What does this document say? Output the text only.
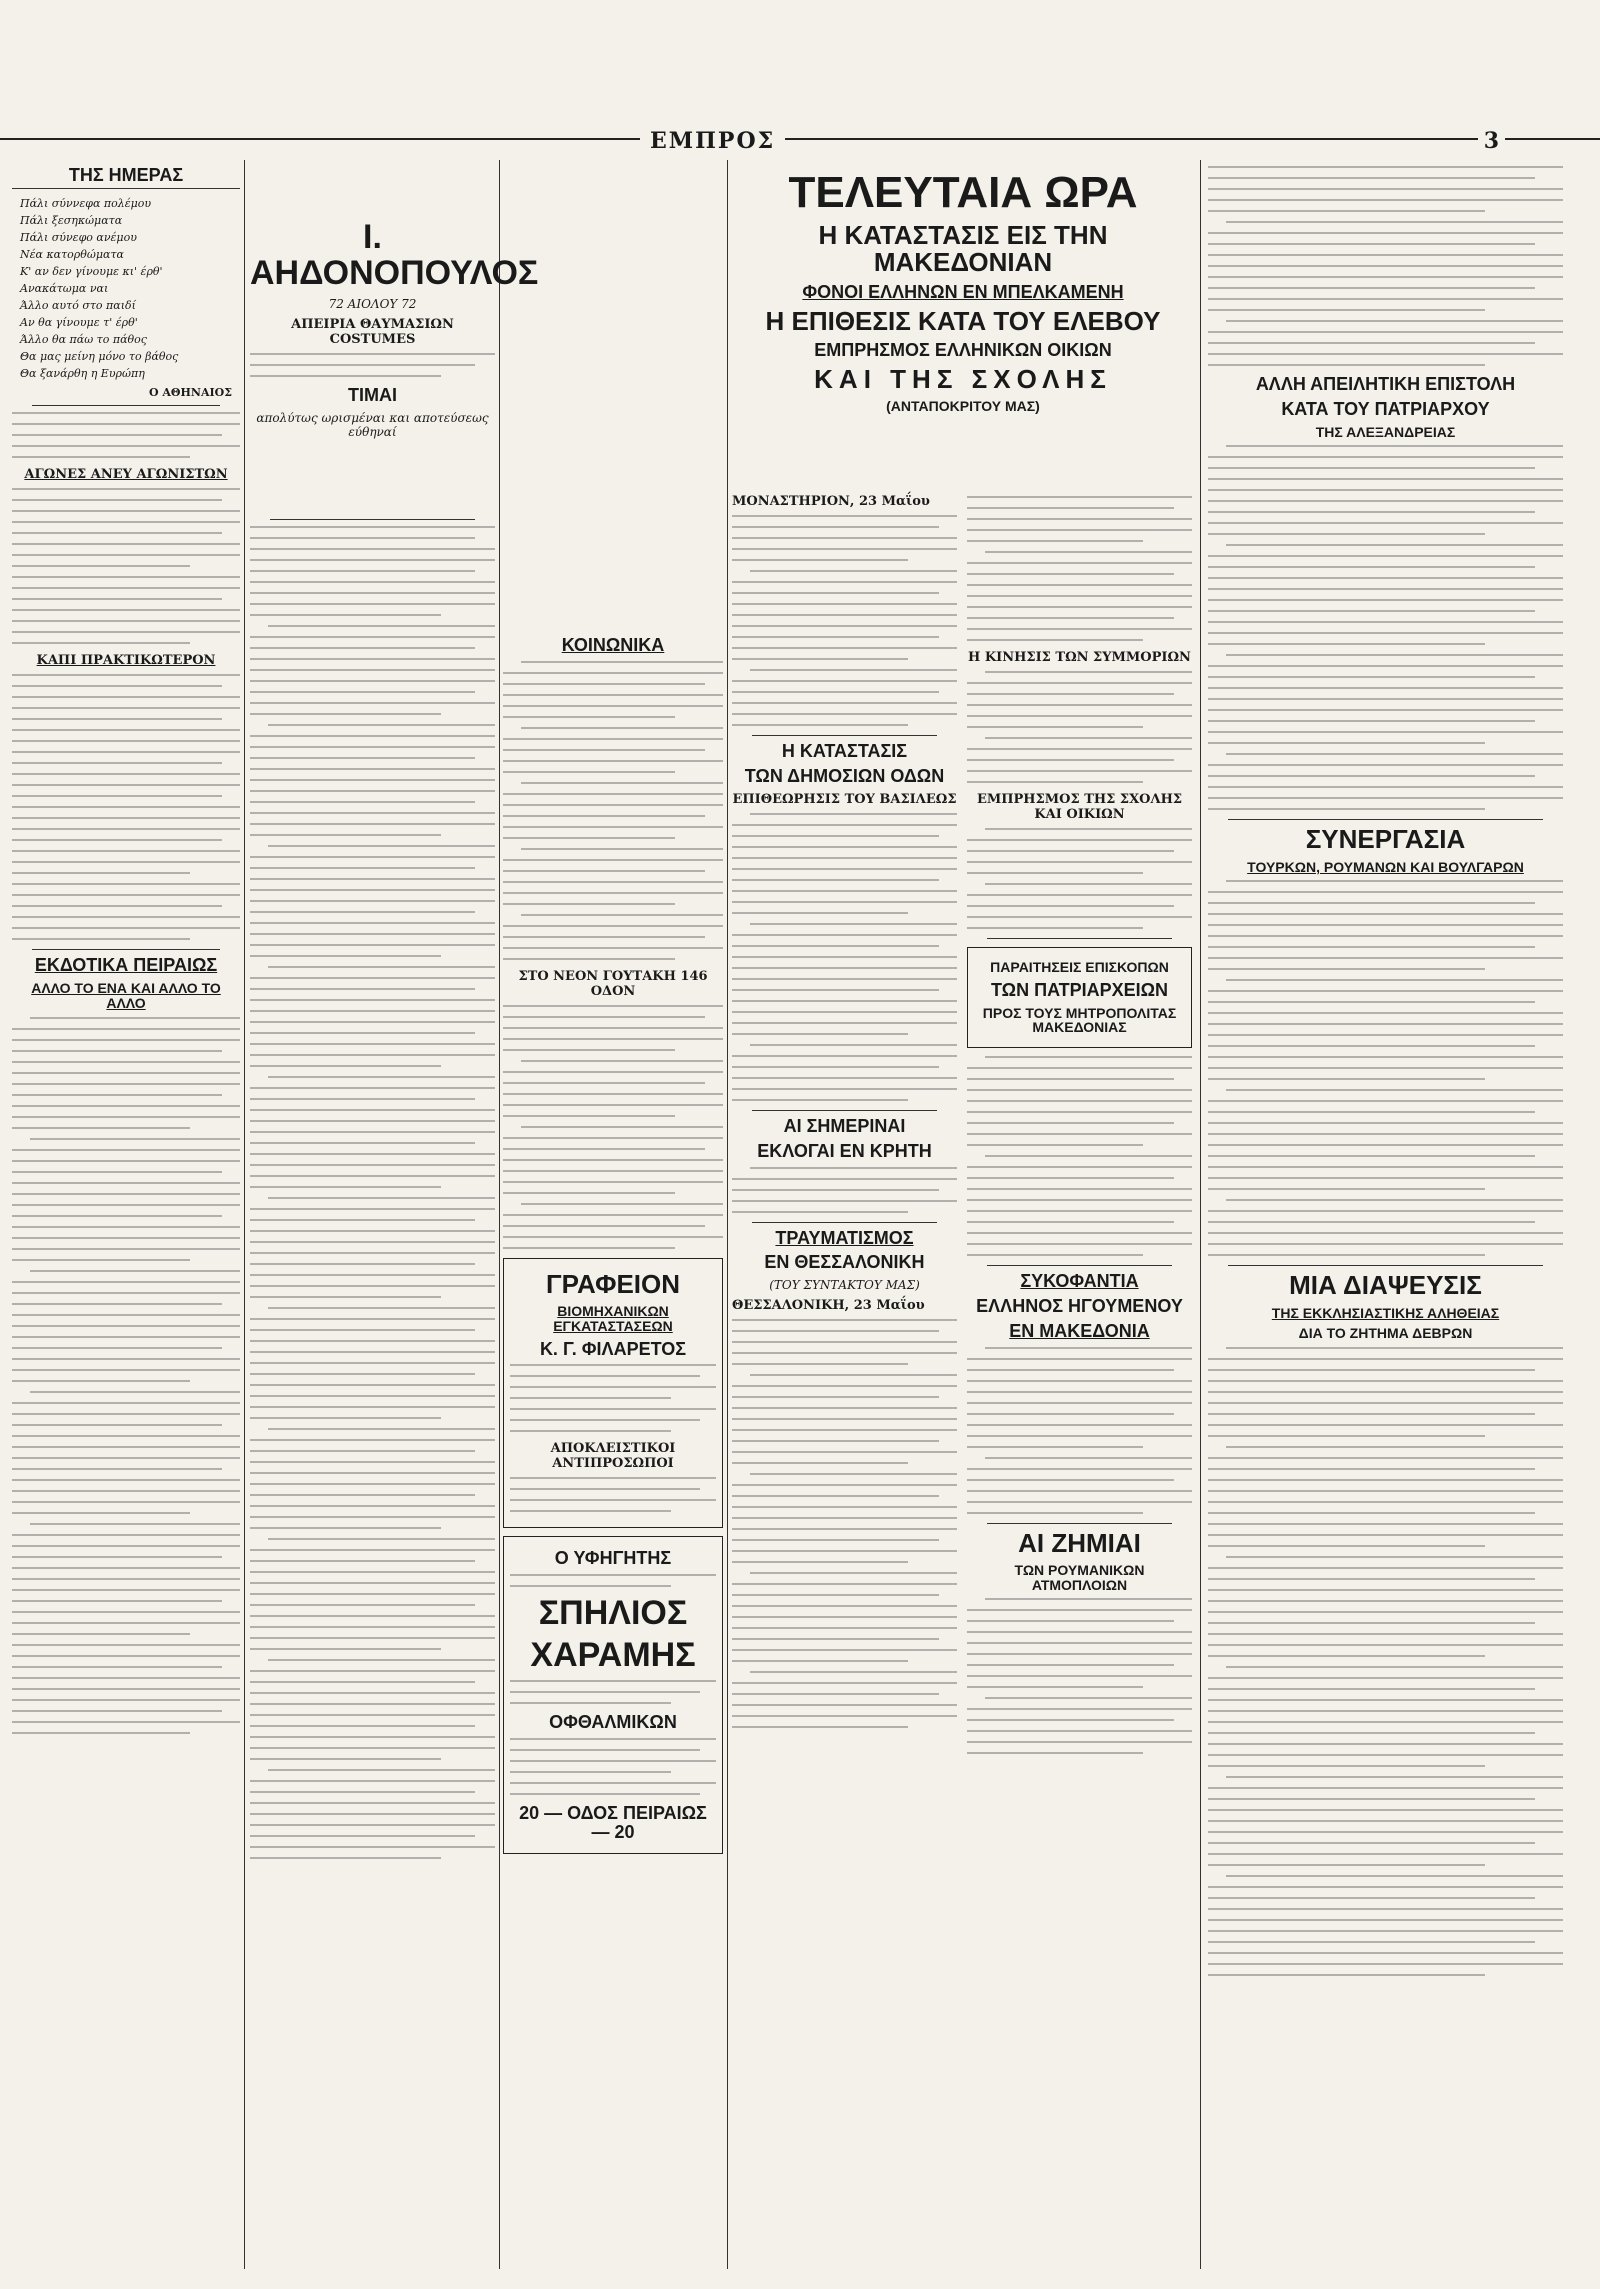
ΕΜΠΡΟΣ	3
ΤΗΣ ΗΜΕΡΑΣ
Πάλι σύννεφα πολέμου
Πάλι ξεσηκώματα
Πάλι σύνεφο ανέμου
Νέα κατορθώματα
Κ' αν δεν γίνουμε κι' έρθ'
Ανακάτωμα ναι
Άλλο αυτό στο παιδί
Αν θα γίνουμε τ' έρθ'
Άλλο θα πάω το πάθος
Θα μας μείνη μόνο το βάθος
Θα ξανάρθη η Ευρώπη
Ο ΑΘΗΝΑΙΟΣ
ΑΓΩΝΕΣ ΑΝΕΥ ΑΓΩΝΙΣΤΩΝ
ΚΑΠΙ ΠΡΑΚΤΙΚΩΤΕΡΟΝ
ΕΚΔΟΤΙΚΑ ΠΕΙΡΑΙΩΣ
ΑΛΛΟ ΤΟ ΕΝΑ ΚΑΙ ΑΛΛΟ ΤΟ ΑΛΛΟ
Ι. ΑΗΔΟΝΟΠΟΥΛΟΣ
72 ΑΙΟΛΟΥ 72
ΑΠΕΙΡΙΑ ΘΑΥΜΑΣΙΩΝ COSTUMES
ΤΙΜΑΙ
απολύτως ωρισμέναι και αποτεύσεως εύθηναί
ΚΟΙΝΩΝΙΚΑ
ΣΤΟ ΝΕΟΝ ΓΟΥΤΑΚΗ 146 ΟΔΟΝ
ΓΡΑΦΕΙΟΝ
ΒΙΟΜΗΧΑΝΙΚΩΝ ΕΓΚΑΤΑΣΤΑΣΕΩΝ
Κ. Γ. ΦΙΛΑΡΕΤΟΣ
ΑΠΟΚΛΕΙΣΤΙΚΟΙ ΑΝΤΙΠΡΟΣΩΠΟΙ
Ο ΥΦΗΓΗΤΗΣ
ΣΠΗΛΙΟΣ
ΧΑΡΑΜΗΣ
ΟΦΘΑΛΜΙΚΩΝ
20 — ΟΔΟΣ ΠΕΙΡΑΙΩΣ — 20
ΤΕΛΕΥΤΑΙΑ ΩΡΑ
Η ΚΑΤΑΣΤΑΣΙΣ ΕΙΣ ΤΗΝ ΜΑΚΕΔΟΝΙΑΝ
ΦΟΝΟΙ ΕΛΛΗΝΩΝ ΕΝ ΜΠΕΛΚΑΜΕΝΗ
Η ΕΠΙΘΕΣΙΣ ΚΑΤΑ ΤΟΥ ΕΛΕΒΟΥ
ΕΜΠΡΗΣΜΟΣ ΕΛΛΗΝΙΚΩΝ ΟΙΚΙΩΝ
ΚΑΙ ΤΗΣ ΣΧΟΛΗΣ
(ΑΝΤΑΠΟΚΡΙΤΟΥ ΜΑΣ)
ΜΟΝΑΣΤΗΡΙΟΝ, 23 Μαΐου
Η ΚΑΤΑΣΤΑΣΙΣ
ΤΩΝ ΔΗΜΟΣΙΩΝ ΟΔΩΝ
ΕΠΙΘΕΩΡΗΣΙΣ ΤΟΥ ΒΑΣΙΛΕΩΣ
ΑΙ ΣΗΜΕΡΙΝΑΙ
ΕΚΛΟΓΑΙ ΕΝ ΚΡΗΤΗ
ΤΡΑΥΜΑΤΙΣΜΟΣ
ΕΝ ΘΕΣΣΑΛΟΝΙΚΗ
(ΤΟΥ ΣΥΝΤΑΚΤΟΥ ΜΑΣ)
ΘΕΣΣΑΛΟΝΙΚΗ, 23 Μαΐου
Η ΚΙΝΗΣΙΣ ΤΩΝ ΣΥΜΜΟΡΙΩΝ
ΕΜΠΡΗΣΜΟΣ ΤΗΣ ΣΧΟΛΗΣ ΚΑΙ ΟΙΚΙΩΝ
ΠΑΡΑΙΤΗΣΕΙΣ ΕΠΙΣΚΟΠΩΝ
ΤΩΝ ΠΑΤΡΙΑΡΧΕΙΩΝ
ΠΡΟΣ ΤΟΥΣ ΜΗΤΡΟΠΟΛΙΤΑΣ ΜΑΚΕΔΟΝΙΑΣ
ΣΥΚΟΦΑΝΤΙΑ
ΕΛΛΗΝΟΣ ΗΓΟΥΜΕΝΟΥ
ΕΝ ΜΑΚΕΔΟΝΙΑ
ΑΙ ΖΗΜΙΑΙ
ΤΩΝ ΡΟΥΜΑΝΙΚΩΝ ΑΤΜΟΠΛΟΙΩΝ
ΑΛΛΗ ΑΠΕΙΛΗΤΙΚΗ ΕΠΙΣΤΟΛΗ
ΚΑΤΑ ΤΟΥ ΠΑΤΡΙΑΡΧΟΥ
ΤΗΣ ΑΛΕΞΑΝΔΡΕΙΑΣ
ΣΥΝΕΡΓΑΣΙΑ
ΤΟΥΡΚΩΝ, ΡΟΥΜΑΝΩΝ ΚΑΙ ΒΟΥΛΓΑΡΩΝ
ΜΙΑ ΔΙΑΨΕΥΣΙΣ
ΤΗΣ ΕΚΚΛΗΣΙΑΣΤΙΚΗΣ ΑΛΗΘΕΙΑΣ
ΔΙΑ ΤΟ ΖΗΤΗΜΑ ΔΕΒΡΩΝ
